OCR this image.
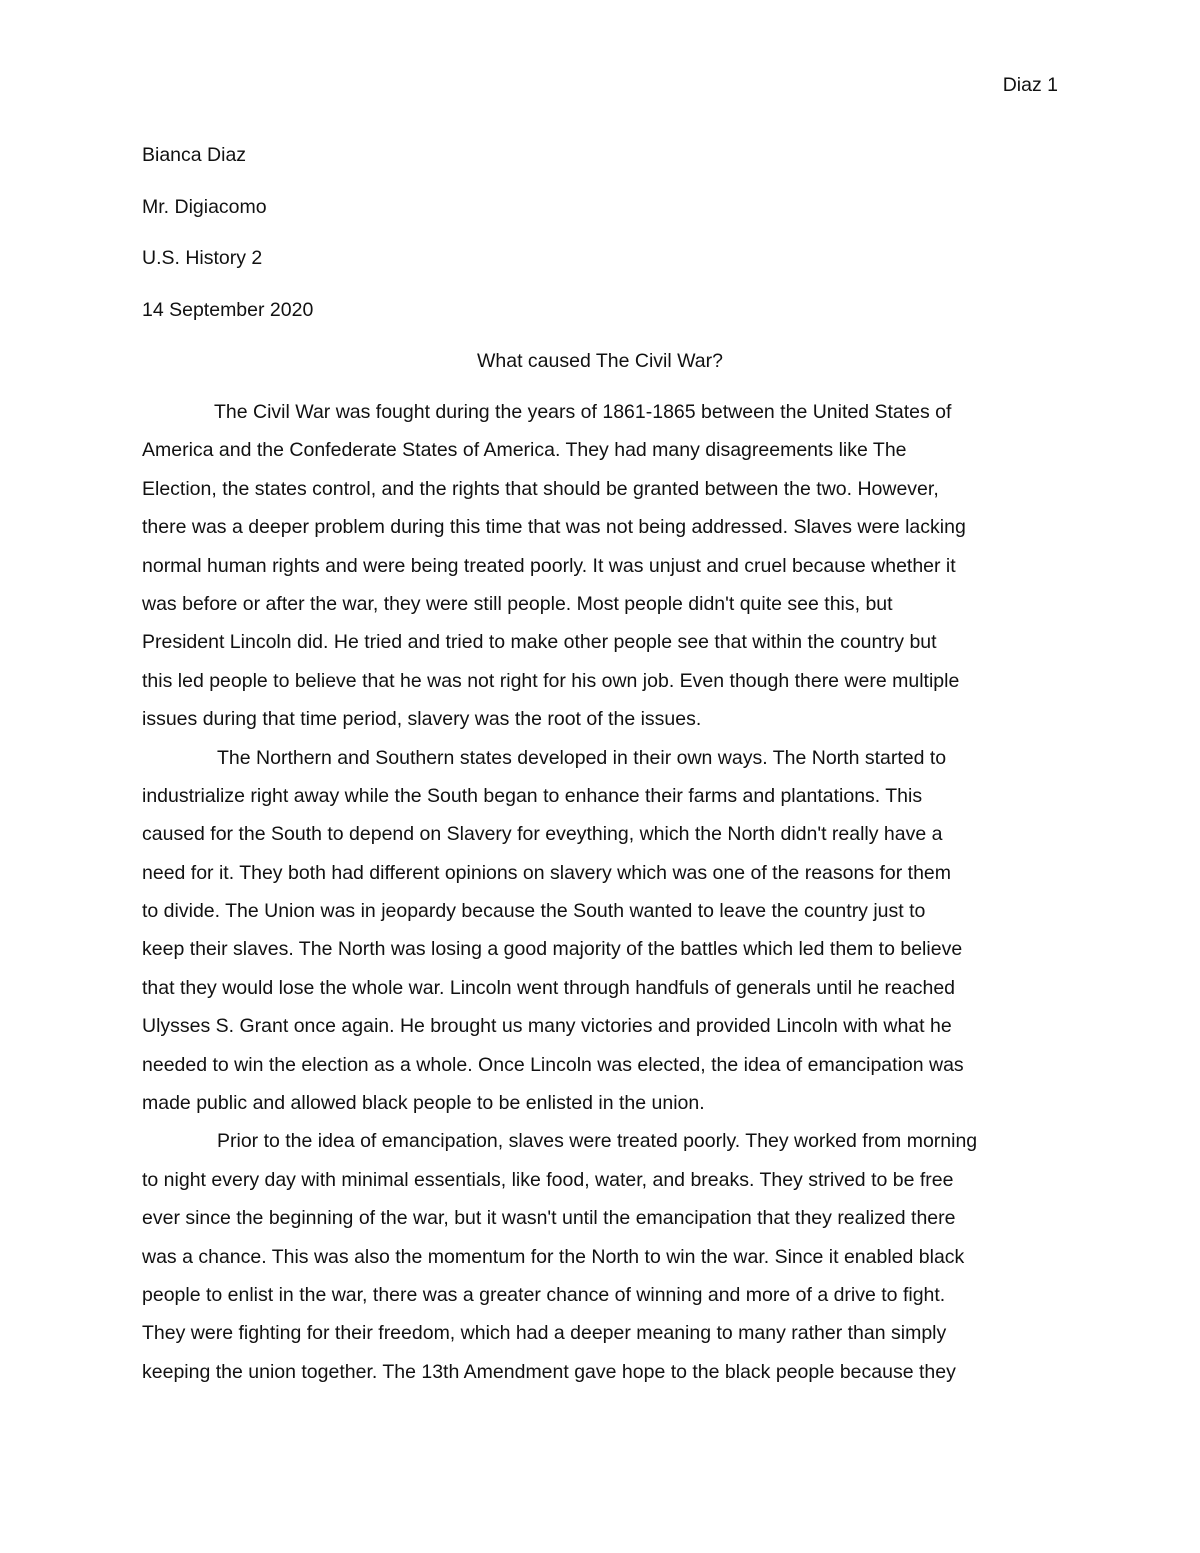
Diaz 1
Bianca Diaz
Mr. Digiacomo
U.S. History 2
14 September 2020
What caused The Civil War?
The Civil War was fought during the years of 1861-1865 between the United States of
America and the Confederate States of America. They had many disagreements like The
Election, the states control, and the rights that should be granted between the two. However,
there was a deeper problem during this time that was not being addressed. Slaves were lacking
normal human rights and were being treated poorly. It was unjust and cruel because whether it
was before or after the war, they were still people. Most people didn't quite see this, but
President Lincoln did. He tried and tried to make other people see that within the country but
this led people to believe that he was not right for his own job. Even though there were multiple
issues during that time period, slavery was the root of the issues.
The Northern and Southern states developed in their own ways. The North started to
industrialize right away while the South began to enhance their farms and plantations. This
caused for the South to depend on Slavery for eveything, which the North didn't really have a
need for it. They both had different opinions on slavery which was one of the reasons for them
to divide. The Union was in jeopardy because the South wanted to leave the country just to
keep their slaves. The North was losing a good majority of the battles which led them to believe
that they would lose the whole war. Lincoln went through handfuls of generals until he reached
Ulysses S. Grant once again. He brought us many victories and provided Lincoln with what he
needed to win the election as a whole. Once Lincoln was elected, the idea of emancipation was
made public and allowed black people to be enlisted in the union.
Prior to the idea of emancipation, slaves were treated poorly. They worked from morning
to night every day with minimal essentials, like food, water, and breaks. They strived to be free
ever since the beginning of the war, but it wasn't until the emancipation that they realized there
was a chance. This was also the momentum for the North to win the war. Since it enabled black
people to enlist in the war, there was a greater chance of winning and more of a drive to fight.
They were fighting for their freedom, which had a deeper meaning to many rather than simply
keeping the union together. The 13th Amendment gave hope to the black people because they
